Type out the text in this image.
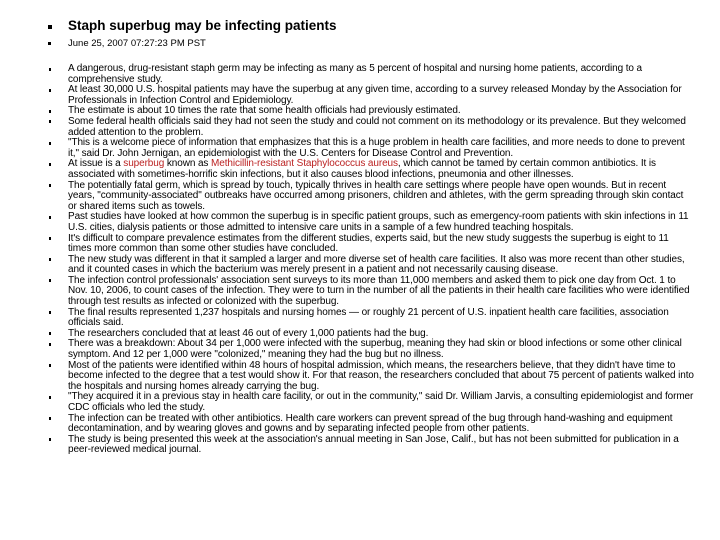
Staph superbug may be infecting patients
June 25, 2007 07:27:23 PM PST

A dangerous, drug-resistant staph germ may be infecting as many as 5 percent of hospital and nursing home patients, according to a comprehensive study.

At least 30,000 U.S. hospital patients may have the superbug at any given time, according to a survey released Monday by the Association for Professionals in Infection Control and Epidemiology.

The estimate is about 10 times the rate that some health officials had previously estimated.

Some federal health officials said they had not seen the study and could not comment on its methodology or its prevalence. But they welcomed added attention to the problem.

"This is a welcome piece of information that emphasizes that this is a huge problem in health care facilities, and more needs to done to prevent it," said Dr. John Jernigan, an epidemiologist with the U.S. Centers for Disease Control and Prevention.

At issue is a superbug known as Methicillin-resistant Staphylococcus aureus, which cannot be tamed by certain common antibiotics. It is associated with sometimes-horrific skin infections, but it also causes blood infections, pneumonia and other illnesses.

The potentially fatal germ, which is spread by touch, typically thrives in health care settings where people have open wounds. But in recent years, "community-associated" outbreaks have occurred among prisoners, children and athletes, with the germ spreading through skin contact or shared items such as towels.

Past studies have looked at how common the superbug is in specific patient groups, such as emergency-room patients with skin infections in 11 U.S. cities, dialysis patients or those admitted to intensive care units in a sample of a few hundred teaching hospitals.

It's difficult to compare prevalence estimates from the different studies, experts said, but the new study suggests the superbug is eight to 11 times more common than some other studies have concluded.

The new study was different in that it sampled a larger and more diverse set of health care facilities. It also was more recent than other studies, and it counted cases in which the bacterium was merely present in a patient and not necessarily causing disease.

The infection control professionals' association sent surveys to its more than 11,000 members and asked them to pick one day from Oct. 1 to Nov. 10, 2006, to count cases of the infection. They were to turn in the number of all the patients in their health care facilities who were identified through test results as infected or colonized with the superbug.

The final results represented 1,237 hospitals and nursing homes — or roughly 21 percent of U.S. inpatient health care facilities, association officials said.

The researchers concluded that at least 46 out of every 1,000 patients had the bug.

There was a breakdown: About 34 per 1,000 were infected with the superbug, meaning they had skin or blood infections or some other clinical symptom. And 12 per 1,000 were "colonized," meaning they had the bug but no illness.

Most of the patients were identified within 48 hours of hospital admission, which means, the researchers believe, that they didn't have time to become infected to the degree that a test would show it. For that reason, the researchers concluded that about 75 percent of patients walked into the hospitals and nursing homes already carrying the bug.

"They acquired it in a previous stay in health care facility, or out in the community," said Dr. William Jarvis, a consulting epidemiologist and former CDC officials who led the study.

The infection can be treated with other antibiotics. Health care workers can prevent spread of the bug through hand-washing and equipment decontamination, and by wearing gloves and gowns and by separating infected people from other patients.

The study is being presented this week at the association's annual meeting in San Jose, Calif., but has not been submitted for publication in a peer-reviewed medical journal.
